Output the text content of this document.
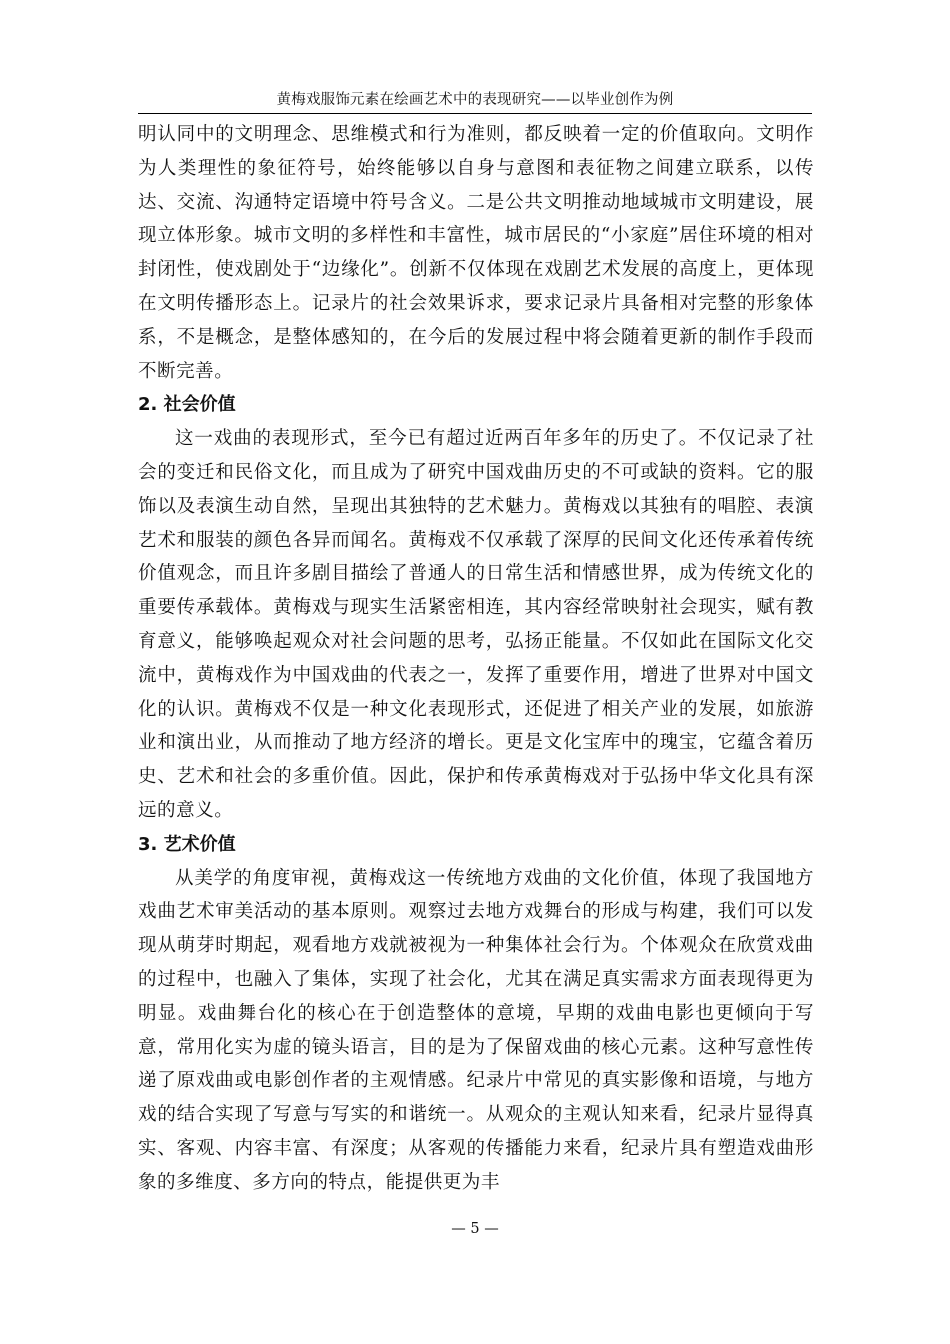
黄梅戏服饰元素在绘画艺术中的表现研究——以毕业创作为例

明认同中的文明理念、思维模式和行为准则，都反映着一定的价值取向。文明作为人类理性的象征符号，始终能够以自身与意图和表征物之间建立联系，以传达、交流、沟通特定语境中符号含义。二是公共文明推动地域城市文明建设，展现立体形象。城市文明的多样性和丰富性，城市居民的“小家庭”居住环境的相对封闭性，使戏剧处于“边缘化”。创新不仅体现在戏剧艺术发展的高度上，更体现在文明传播形态上。记录片的社会效果诉求，要求记录片具备相对完整的形象体系，不是概念，是整体感知的，在今后的发展过程中将会随着更新的制作手段而不断完善。

2. 社会价值

这一戏曲的表现形式，至今已有超过近两百年多年的历史了。不仅记录了社会的变迁和民俗文化，而且成为了研究中国戏曲历史的不可或缺的资料。它的服饰以及表演生动自然，呈现出其独特的艺术魅力。黄梅戏以其独有的唱腔、表演艺术和服装的颜色各异而闻名。黄梅戏不仅承载了深厚的民间文化还传承着传统价值观念，而且许多剧目描绘了普通人的日常生活和情感世界，成为传统文化的重要传承载体。黄梅戏与现实生活紧密相连，其内容经常映射社会现实，赋有教育意义，能够唤起观众对社会问题的思考，弘扬正能量。不仅如此在国际文化交流中，黄梅戏作为中国戏曲的代表之一，发挥了重要作用，增进了世界对中国文化的认识。黄梅戏不仅是一种文化表现形式，还促进了相关产业的发展，如旅游业和演出业，从而推动了地方经济的增长。更是文化宝库中的瑰宝，它蕴含着历史、艺术和社会的多重价值。因此，保护和传承黄梅戏对于弘扬中华文化具有深远的意义。

3. 艺术价值

从美学的角度审视，黄梅戏这一传统地方戏曲的文化价值，体现了我国地方戏曲艺术审美活动的基本原则。观察过去地方戏舞台的形成与构建，我们可以发现从萌芽时期起，观看地方戏就被视为一种集体社会行为。个体观众在欣赏戏曲的过程中，也融入了集体，实现了社会化，尤其在满足真实需求方面表现得更为明显。戏曲舞台化的核心在于创造整体的意境，早期的戏曲电影也更倾向于写意，常用化实为虚的镜头语言，目的是为了保留戏曲的核心元素。这种写意性传递了原戏曲或电影创作者的主观情感。纪录片中常见的真实影像和语境，与地方戏的结合实现了写意与写实的和谐统一。从观众的主观认知来看，纪录片显得真实、客观、内容丰富、有深度；从客观的传播能力来看，纪录片具有塑造戏曲形象的多维度、多方向的特点，能提供更为丰

— 5 —
